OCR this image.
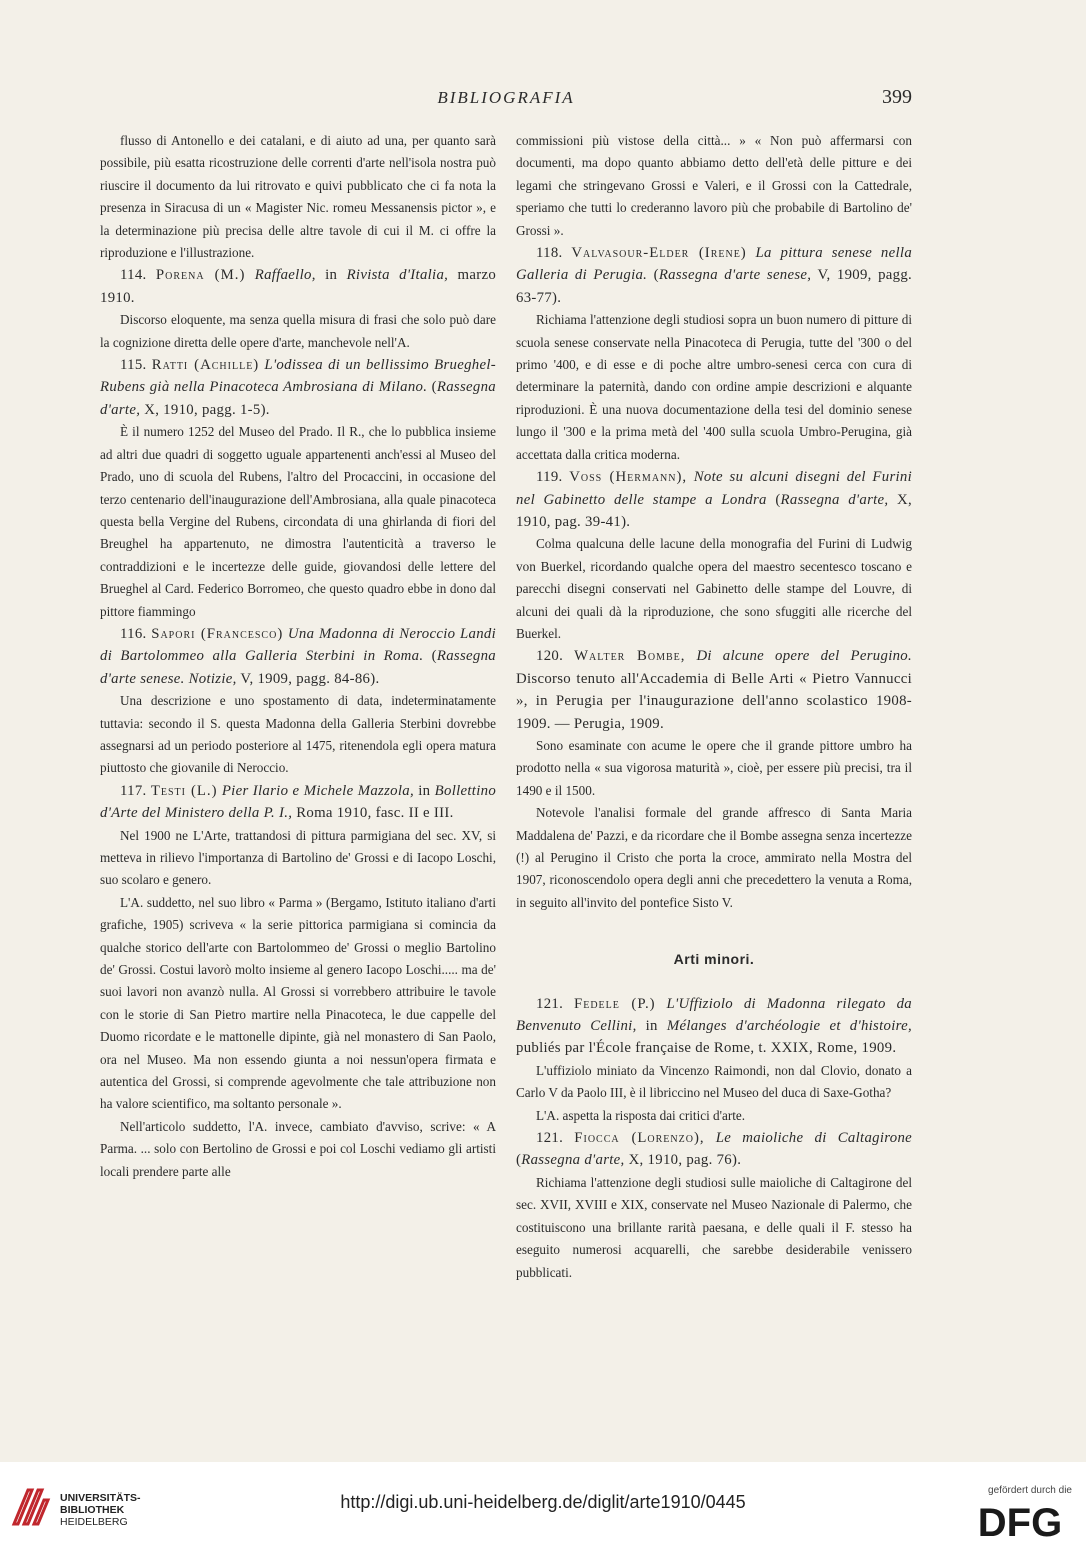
BIBLIOGRAFIA	399

flusso di Antonello e dei catalani, e di aiuto ad una, per quanto sarà possibile, più esatta ricostruzione delle correnti d'arte nell'isola nostra può riuscire il documento da lui ritrovato e quivi pubblicato che ci fa nota la presenza in Siracusa di un « Magister Nic. romeu Messanensis pictor », e la determinazione più precisa delle altre tavole di cui il M. ci offre la riproduzione e l'illustrazione.

114. Porena (M.) Raffaello, in Rivista d'Italia, marzo 1910.

Discorso eloquente, ma senza quella misura di frasi che solo può dare la cognizione diretta delle opere d'arte, manchevole nell'A.

115. Ratti (Achille) L'odissea di un bellissimo Brueghel-Rubens già nella Pinacoteca Ambrosiana di Milano. (Rassegna d'arte, X, 1910, pagg. 1-5).

È il numero 1252 del Museo del Prado. Il R., che lo pubblica insieme ad altri due quadri di soggetto uguale appartenenti anch'essi al Museo del Prado, uno di scuola del Rubens, l'altro del Procaccini, in occasione del terzo centenario dell'inaugurazione dell'Ambrosiana, alla quale pinacoteca questa bella Vergine del Rubens, circondata di una ghirlanda di fiori del Breughel ha appartenuto, ne dimostra l'autenticità a traverso le contraddizioni e le incertezze delle guide, giovandosi delle lettere del Brueghel al Card. Federico Borromeo, che questo quadro ebbe in dono dal pittore fiammingo

116. Sapori (Francesco) Una Madonna di Neroccio Landi di Bartolommeo alla Galleria Sterbini in Roma. (Rassegna d'arte senese. Notizie, V, 1909, pagg. 84-86).

Una descrizione e uno spostamento di data, indeterminatamente tuttavia: secondo il S. questa Madonna della Galleria Sterbini dovrebbe assegnarsi ad un periodo posteriore al 1475, ritenendola egli opera matura piuttosto che giovanile di Neroccio.

117. Testi (L.) Pier Ilario e Michele Mazzola, in Bollettino d'Arte del Ministero della P. I., Roma 1910, fasc. II e III.

Nel 1900 ne L'Arte, trattandosi di pittura parmigiana del sec. XV, si metteva in rilievo l'importanza di Bartolino de' Grossi e di Iacopo Loschi, suo scolaro e genero.

L'A. suddetto, nel suo libro « Parma » (Bergamo, Istituto italiano d'arti grafiche, 1905) scriveva « la serie pittorica parmigiana si comincia da qualche storico dell'arte con Bartolommeo de' Grossi o meglio Bartolino de' Grossi. Costui lavorò molto insieme al genero Iacopo Loschi..... ma de' suoi lavori non avanzò nulla. Al Grossi si vorrebbero attribuire le tavole con le storie di San Pietro martire nella Pinacoteca, le due cappelle del Duomo ricordate e le mattonelle dipinte, già nel monastero di San Paolo, ora nel Museo. Ma non essendo giunta a noi nessun'opera firmata e autentica del Grossi, si comprende agevolmente che tale attribuzione non ha valore scientifico, ma soltanto personale ».

Nell'articolo suddetto, l'A. invece, cambiato d'avviso, scrive: « A Parma. ... solo con Bertolino de Grossi e poi col Loschi vediamo gli artisti locali prendere parte alle

commissioni più vistose della città... » « Non può affermarsi con documenti, ma dopo quanto abbiamo detto dell'età delle pitture e dei legami che stringevano Grossi e Valeri, e il Grossi con la Cattedrale, speriamo che tutti lo crederanno lavoro più che probabile di Bartolino de' Grossi ».

118. Valvasour-Elder (Irene) La pittura senese nella Galleria di Perugia. (Rassegna d'arte senese, V, 1909, pagg. 63-77).

Richiama l'attenzione degli studiosi sopra un buon numero di pitture di scuola senese conservate nella Pinacoteca di Perugia, tutte del '300 o del primo '400, e di esse e di poche altre umbro-senesi cerca con cura di determinare la paternità, dando con ordine ampie descrizioni e alquante riproduzioni. È una nuova documentazione della tesi del dominio senese lungo il '300 e la prima metà del '400 sulla scuola Umbro-Perugina, già accettata dalla critica moderna.

119. Voss (Hermann), Note su alcuni disegni del Furini nel Gabinetto delle stampe a Londra (Rassegna d'arte, X, 1910, pag. 39-41).

Colma qualcuna delle lacune della monografia del Furini di Ludwig von Buerkel, ricordando qualche opera del maestro secentesco toscano e parecchi disegni conservati nel Gabinetto delle stampe del Louvre, di alcuni dei quali dà la riproduzione, che sono sfuggiti alle ricerche del Buerkel.

120. Walter Bombe, Di alcune opere del Perugino. Discorso tenuto all'Accademia di Belle Arti « Pietro Vannucci », in Perugia per l'inaugurazione dell'anno scolastico 1908-1909. — Perugia, 1909.

Sono esaminate con acume le opere che il grande pittore umbro ha prodotto nella « sua vigorosa maturità », cioè, per essere più precisi, tra il 1490 e il 1500.

Notevole l'analisi formale del grande affresco di Santa Maria Maddalena de' Pazzi, e da ricordare che il Bombe assegna senza incertezze (!) al Perugino il Cristo che porta la croce, ammirato nella Mostra del 1907, riconoscendolo opera degli anni che precedettero la venuta a Roma, in seguito all'invito del pontefice Sisto V.

Arti minori.

121. Fedele (P.) L'Uffiziolo di Madonna rilegato da Benvenuto Cellini, in Mélanges d'archéologie et d'histoire, publiés par l'École française de Rome, t. XXIX, Rome, 1909.

L'uffiziolo miniato da Vincenzo Raimondi, non dal Clovio, donato a Carlo V da Paolo III, è il libriccino nel Museo del duca di Saxe-Gotha?

L'A. aspetta la risposta dai critici d'arte.

121. Fiocca (Lorenzo), Le maioliche di Caltagirone (Rassegna d'arte, X, 1910, pag. 76).

Richiama l'attenzione degli studiosi sulle maioliche di Caltagirone del sec. XVII, XVIII e XIX, conservate nel Museo Nazionale di Palermo, che costituiscono una brillante rarità paesana, e delle quali il F. stesso ha eseguito numerosi acquarelli, che sarebbe desiderabile venissero pubblicati.

UNIVERSITÄTS-
BIBLIOTHEK
HEIDELBERG
http://digi.ub.uni-heidelberg.de/diglit/arte1910/0445
gefördert durch die
DFG
